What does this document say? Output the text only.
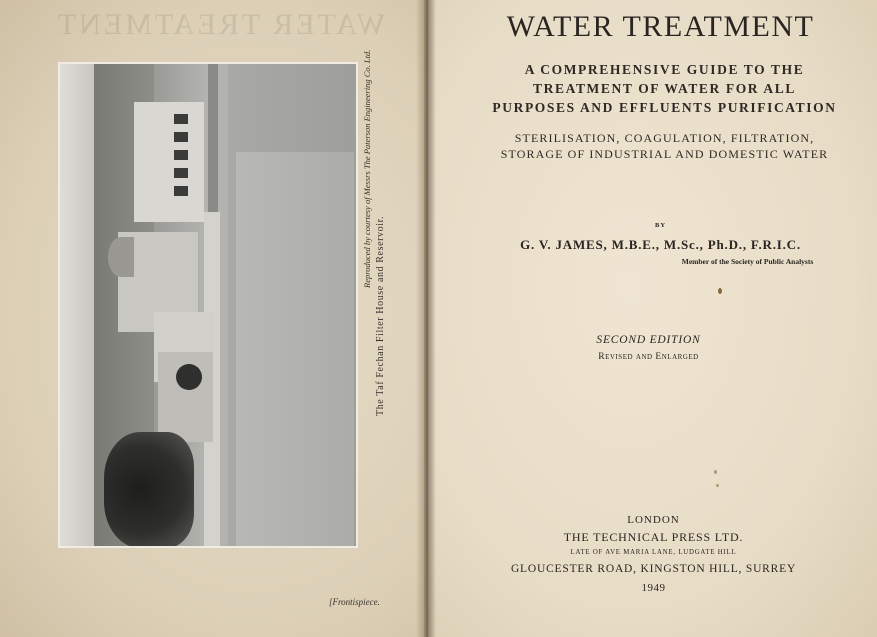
WATER TREATMENT
Reproduced by courtesy of Messrs The Paterson Engineering Co. Ltd.
The Taf Fechan Filter House and Reservoir.
[Frontispiece.
WATER TREATMENT
A COMPREHENSIVE GUIDE TO THE
TREATMENT OF WATER FOR ALL
PURPOSES AND EFFLUENTS PURIFICATION
STERILISATION, COAGULATION, FILTRATION,
STORAGE OF INDUSTRIAL AND DOMESTIC WATER
BY
G. V. JAMES, M.B.E., M.Sc., Ph.D., F.R.I.C.
Member of the Society of Public Analysts
SECOND EDITION
Revised and Enlarged
LONDON
THE TECHNICAL PRESS LTD.
LATE OF AVE MARIA LANE, LUDGATE HILL
GLOUCESTER ROAD, KINGSTON HILL, SURREY
1949
